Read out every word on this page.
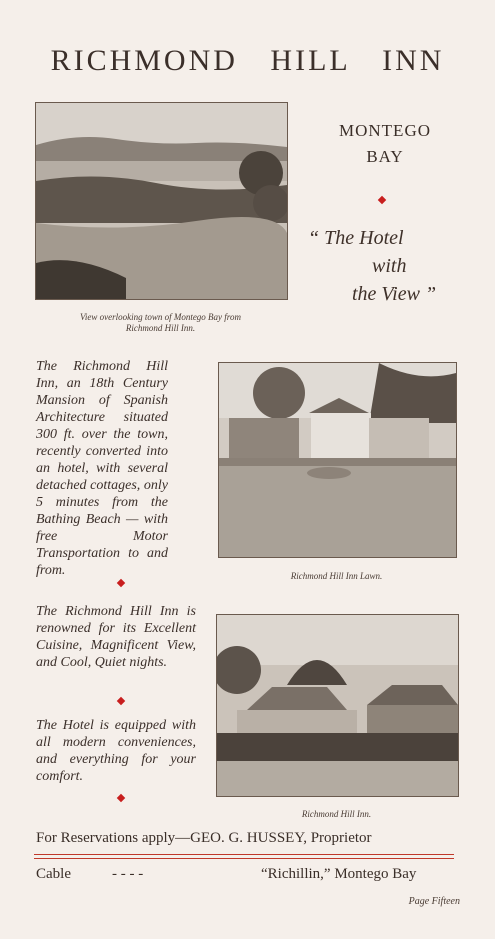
RICHMOND HILL INN
View overlooking town of Montego Bay from
Richmond Hill Inn.
MONTEGO
BAY
“ The Hotel
with
the View ”
The Richmond Hill Inn, an 18th Century Mansion of Spanish Architecture situated 300 ft. over the town, recently converted into an hotel, with several detached cottages, only 5 minutes from the Bathing Beach — with free Motor Transportation to and from.	Richmond Hill Inn Lawn.
The Richmond Hill Inn is renowned for its Excellent Cuisine, Magnificent View, and Cool, Quiet nights.
The Hotel is equipped with all modern conveniences, and everything for your comfort.
Richmond Hill Inn.
For Reservations apply—GEO. G. HUSSEY, Proprietor
Cable	- - - -	“Richillin,” Montego Bay
Page Fifteen
